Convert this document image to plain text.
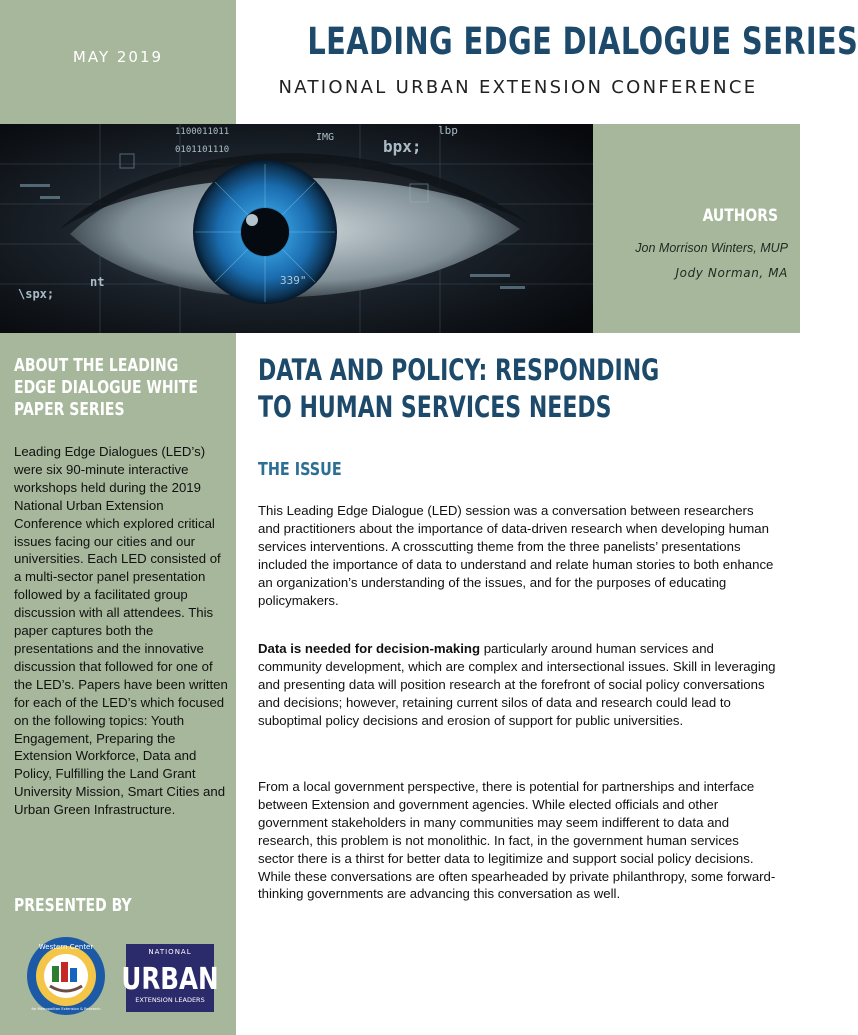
MAY 2019	LEADING EDGE DIALOGUE SERIES
NATIONAL URBAN EXTENSION CONFERENCE
1100011011
0101101110
IMG	bpx;
lbp
\spx;
nt	339"
AUTHORS
Jon Morrison Winters, MUP
Jody Norman, MA
ABOUT THE LEADING EDGE DIALOGUE WHITE PAPER SERIES
Leading Edge Dialogues (LED’s) were six 90-minute interactive workshops held during the 2019 National Urban Extension Conference which explored critical issues facing our cities and our universities. Each LED consisted of a multi-sector panel presentation followed by a facilitated group discussion with all attendees. This paper captures both the presentations and the innovative discussion that followed for one of the LED’s. Papers have been written for each of the LED’s which focused on the following topics: Youth Engagement, Preparing the Extension Workforce, Data and Policy, Fulfilling the Land Grant University Mission, Smart Cities and Urban Green Infrastructure.
PRESENTED BY
Western Center
for Metropolitan Extension & Research
NATIONAL
URBAN
EXTENSION LEADERS
DATA AND POLICY: RESPONDING TO HUMAN SERVICES NEEDS
THE ISSUE

This Leading Edge Dialogue (LED) session was a conversation between researchers and practitioners about the importance of data-driven research when developing human services interventions. A crosscutting theme from the three panelists’ presentations included the importance of data to understand and relate human stories to both enhance an organization’s understanding of the issues, and for the purposes of educating policymakers.

Data is needed for decision-making particularly around human services and community development, which are complex and intersectional issues. Skill in leveraging and presenting data will position research at the forefront of social policy conversations and decisions; however, retaining current silos of data and research could lead to suboptimal policy decisions and erosion of support for public universities.

From a local government perspective, there is potential for partnerships and interface between Extension and government agencies. While elected officials and other government stakeholders in many communities may seem indifferent to data and research, this problem is not monolithic. In fact, in the government human services sector there is a thirst for better data to legitimize and support social policy decisions. While these conversations are often spearheaded by private philanthropy, some forward-thinking governments are advancing this conversation as well.
